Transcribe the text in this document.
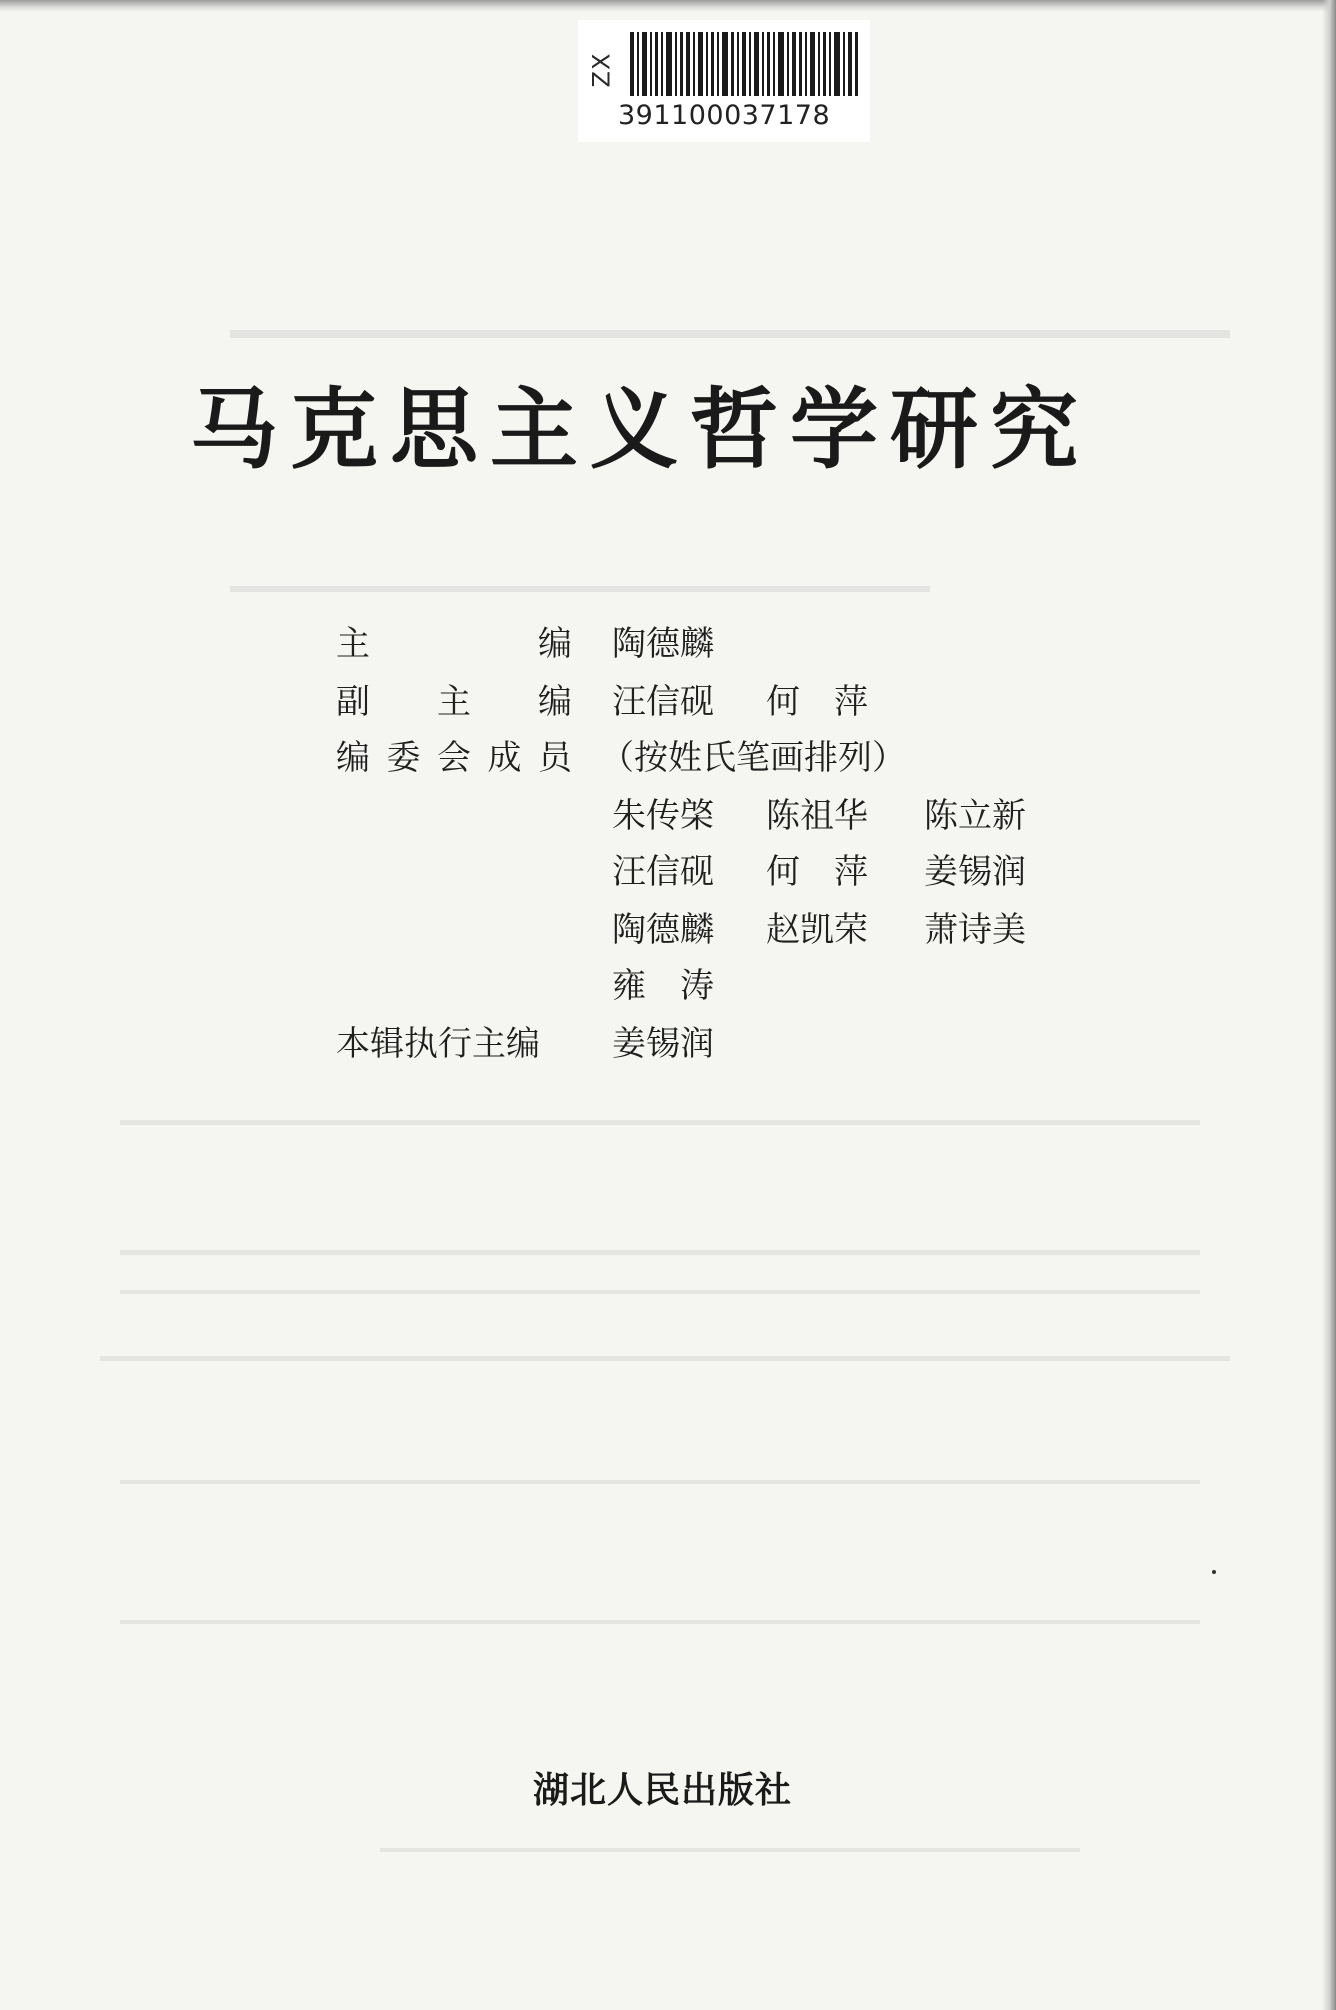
ZX
391100037178
马克思主义哲学研究
主	编 陶德麟
副 主 编 汪信砚 何　萍
编 委 会 成 员 （按姓氏笔画排列）
朱传棨 陈祖华 陈立新
汪信砚 何　萍 姜锡润
陶德麟 赵凯荣 萧诗美
雍　涛
本辑执行主编 姜锡润
湖北人民出版社
